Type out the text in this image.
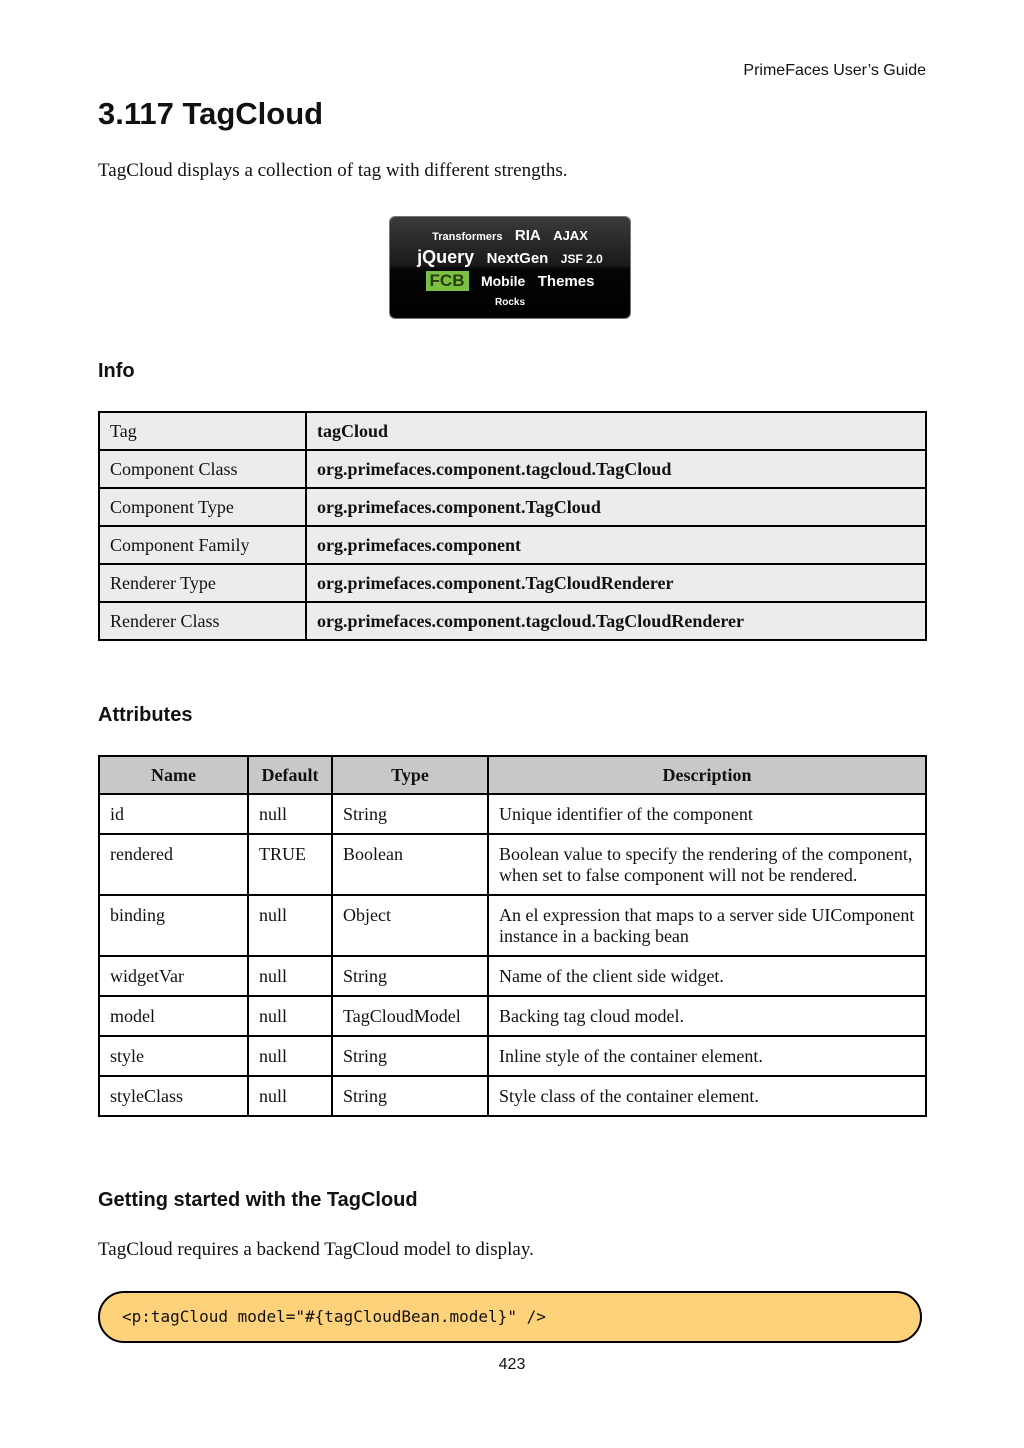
PrimeFaces User’s Guide
3.117 TagCloud

TagCloud displays a collection of tag with different strengths.

Transformers RIA AJAX
jQuery NextGen JSF 2.0
FCB Mobile Themes
Rocks
Info
Tag	tagCloud
Component Class	org.primefaces.component.tagcloud.TagCloud
Component Type	org.primefaces.component.TagCloud
Component Family	org.primefaces.component
Renderer Type	org.primefaces.component.TagCloudRenderer
Renderer Class	org.primefaces.component.tagcloud.TagCloudRenderer
Attributes
Name	Default	Type	Description
id	null	String	Unique identifier of the component
rendered	TRUE	Boolean	Boolean value to specify the rendering of the component, when set to false component will not be rendered.
binding	null	Object	An el expression that maps to a server side UIComponent instance in a backing bean
widgetVar	null	String	Name of the client side widget.
model	null	TagCloudModel	Backing tag cloud model.
style	null	String	Inline style of the container element.
styleClass	null	String	Style class of the container element.
Getting started with the TagCloud

TagCloud requires a backend TagCloud model to display.

<p:tagCloud model="#{tagCloudBean.model}" />
423
